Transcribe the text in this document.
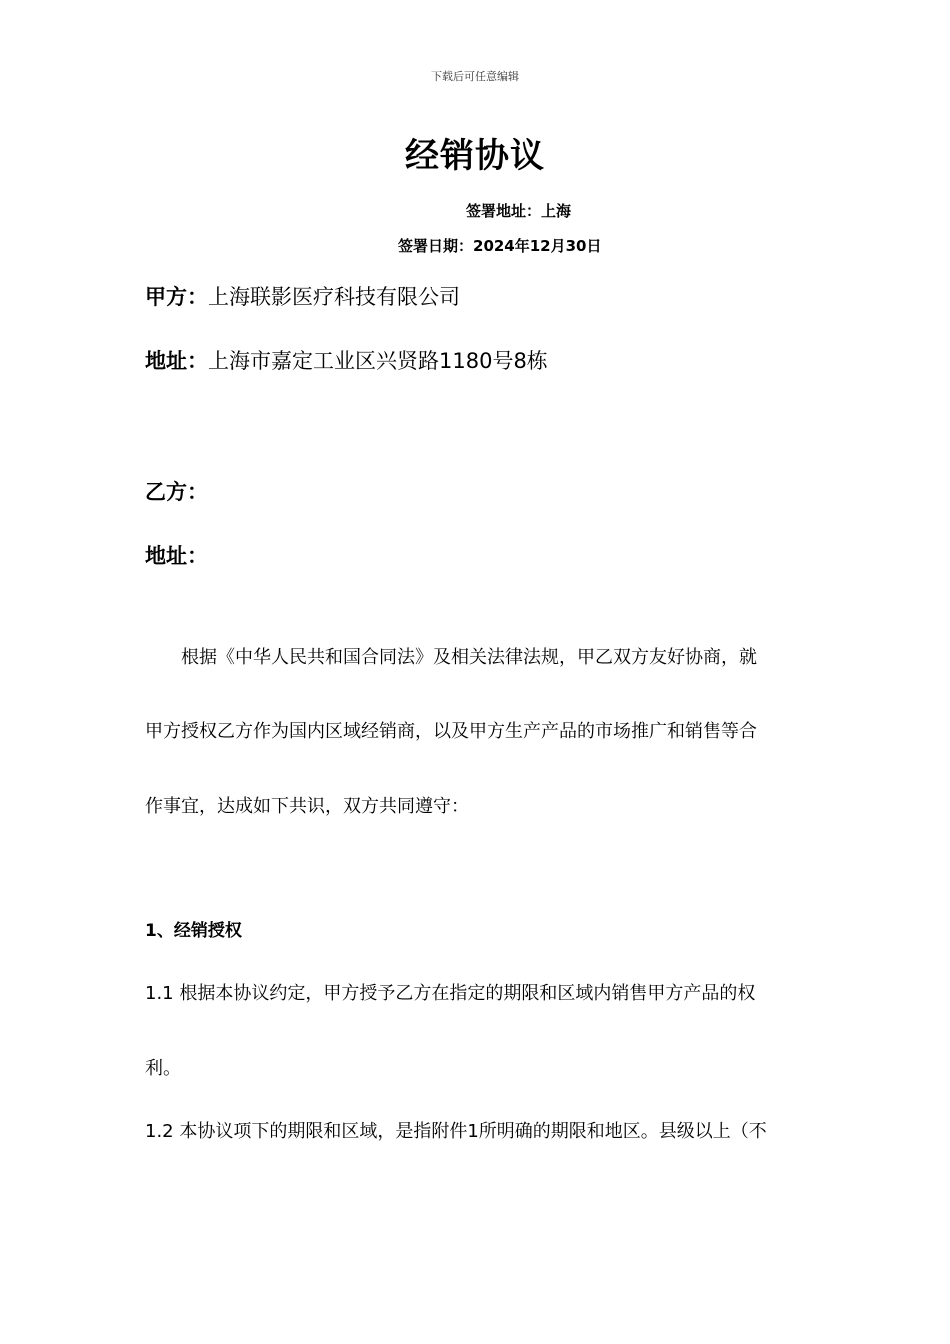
下载后可任意编辑
经销协议
签署地址：上海
签署日期：2024年12月30日
甲方：上海联影医疗科技有限公司
地址：上海市嘉定工业区兴贤路1180号8栋
乙方：
地址：
　　根据《中华人民共和国合同法》及相关法律法规，甲乙双方友好协商，就
甲方授权乙方作为国内区域经销商，以及甲方生产产品的市场推广和销售等合
作事宜，达成如下共识，双方共同遵守：
1、经销授权
1.1 根据本协议约定，甲方授予乙方在指定的期限和区域内销售甲方产品的权
利。
1.2 本协议项下的期限和区域，是指附件1所明确的期限和地区。县级以上（不
